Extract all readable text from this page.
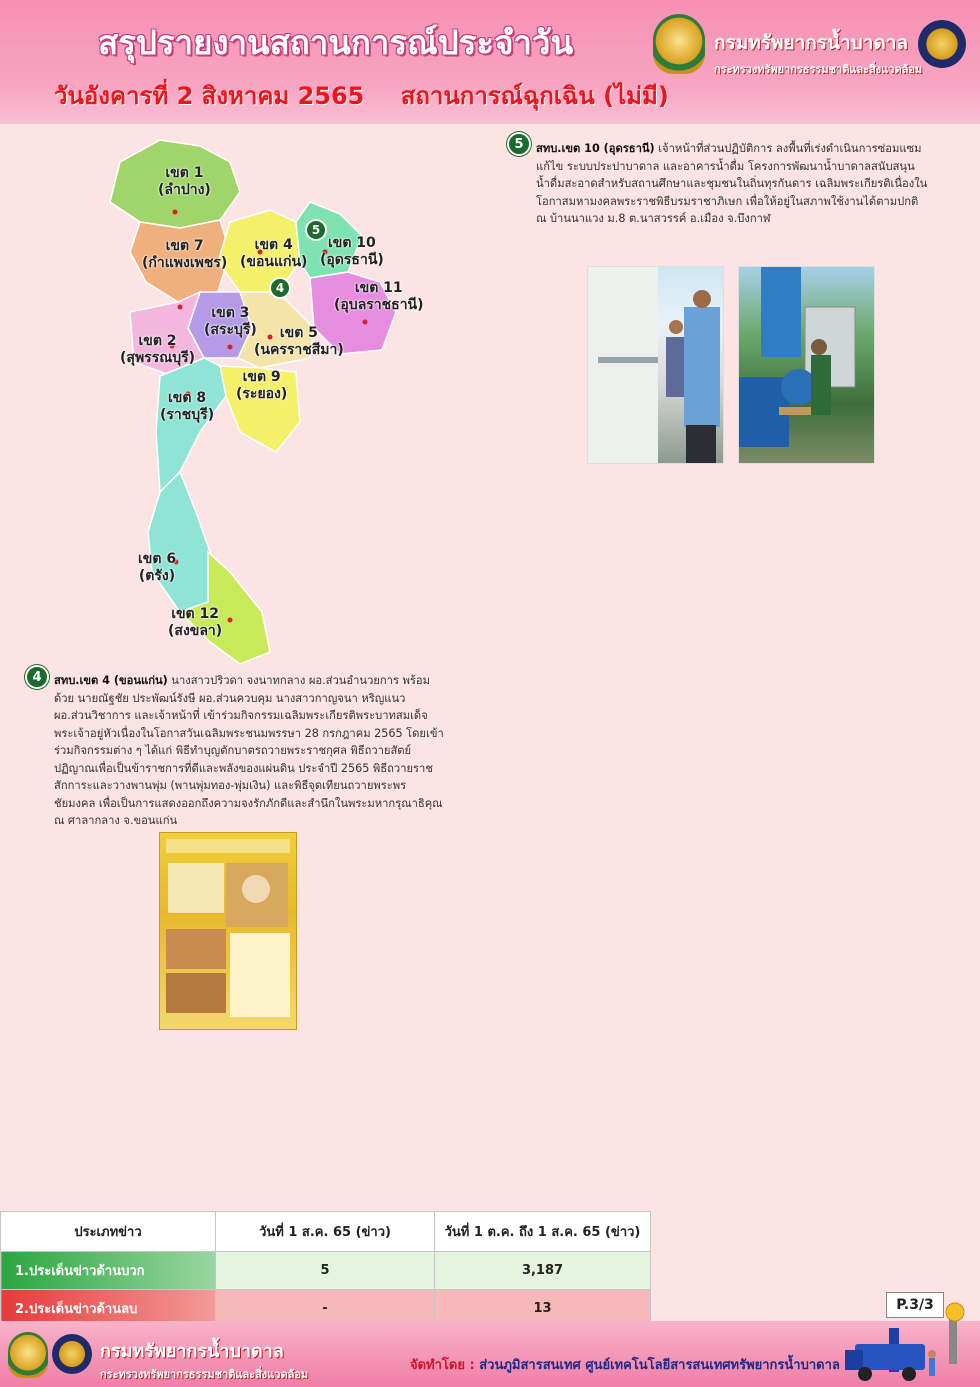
สรุปรายงานสถานการณ์ประจำวัน
วันอังคารที่ 2 สิงหาคม 2565 สถานการณ์ฉุกเฉิน (ไม่มี)
กรมทรัพยากรน้ำบาดาล
กระทรวงทรัพยากรธรรมชาติและสิ่งแวดล้อม
เขต 1
(ลำปาง)
เขต 7
(กำแพงเพชร)
เขต 4
(ขอนแก่น)
เขต 10
(อุดรธานี)
เขต 11
(อุบลราชธานี)
เขต 3
(สระบุรี)	เขต 5
(นครราชสีมา)
เขต 2
(สุพรรณบุรี)
เขต 9
(ระยอง)
เขต 8
(ราชบุรี)
เขต 6
(ตรัง)
เขต 12
(สงขลา)
5
4
5	สทบ.เขต 10 (อุดรธานี) เจ้าหน้าที่ส่วนปฏิบัติการ ลงพื้นที่เร่งดำเนินการซ่อมแซมแก้ไข ระบบประปาบาดาล และอาคารน้ำดื่ม โครงการพัฒนาน้ำบาดาลสนับสนุนน้ำดื่มสะอาดสำหรับสถานศึกษาและชุมชนในถิ่นทุรกันดาร เฉลิมพระเกียรติเนื่องในโอกาสมหามงคลพระราชพิธีบรมราชาภิเษก เพื่อให้อยู่ในสภาพใช้งานได้ตามปกติ ณ บ้านนาแวง ม.8 ต.นาสวรรค์ อ.เมือง จ.บึงกาฬ
4	สทบ.เขต 4 (ขอนแก่น) นางสาวปริวดา จงนาทกลาง ผอ.ส่วนอำนวยการ พร้อมด้วย นายณัฐชัย ประพัฒน์รังษี ผอ.ส่วนควบคุม นางสาวกาญจนา หริญแนว ผอ.ส่วนวิชาการ และเจ้าหน้าที่ เข้าร่วมกิจกรรมเฉลิมพระเกียรติพระบาทสมเด็จพระเจ้าอยู่หัวเนื่องในโอกาสวันเฉลิมพระชนมพรรษา 28 กรกฎาคม 2565 โดยเข้าร่วมกิจกรรมต่าง ๆ ได้แก่ พิธีทำบุญตักบาตรถวายพระราชกุศล พิธีถวายสัตย์ปฏิญาณเพื่อเป็นข้าราชการที่ดีและพลังของแผ่นดิน ประจำปี 2565 พิธีถวายราชสักการะและวางพานพุ่ม (พานพุ่มทอง-พุ่มเงิน) และพิธีจุดเทียนถวายพระพรชัยมงคล เพื่อเป็นการแสดงออกถึงความจงรักภักดีและสำนึกในพระมหากรุณาธิคุณ ณ ศาลากลาง จ.ขอนแก่น
ประเภทข่าว	วันที่ 1 ส.ค. 65 (ข่าว)	วันที่ 1 ต.ค. ถึง 1 ส.ค. 65 (ข่าว)
1.ประเด็นข่าวด้านบวก	5	3,187
2.ประเด็นข่าวด้านลบ	-	13	P.3/3
กรมทรัพยากรน้ำบาดาล
กระทรวงทรัพยากรธรรมชาติและสิ่งแวดล้อม
จัดทำโดย : ส่วนภูมิสารสนเทศ ศูนย์เทคโนโลยีสารสนเทศทรัพยากรน้ำบาดาล
